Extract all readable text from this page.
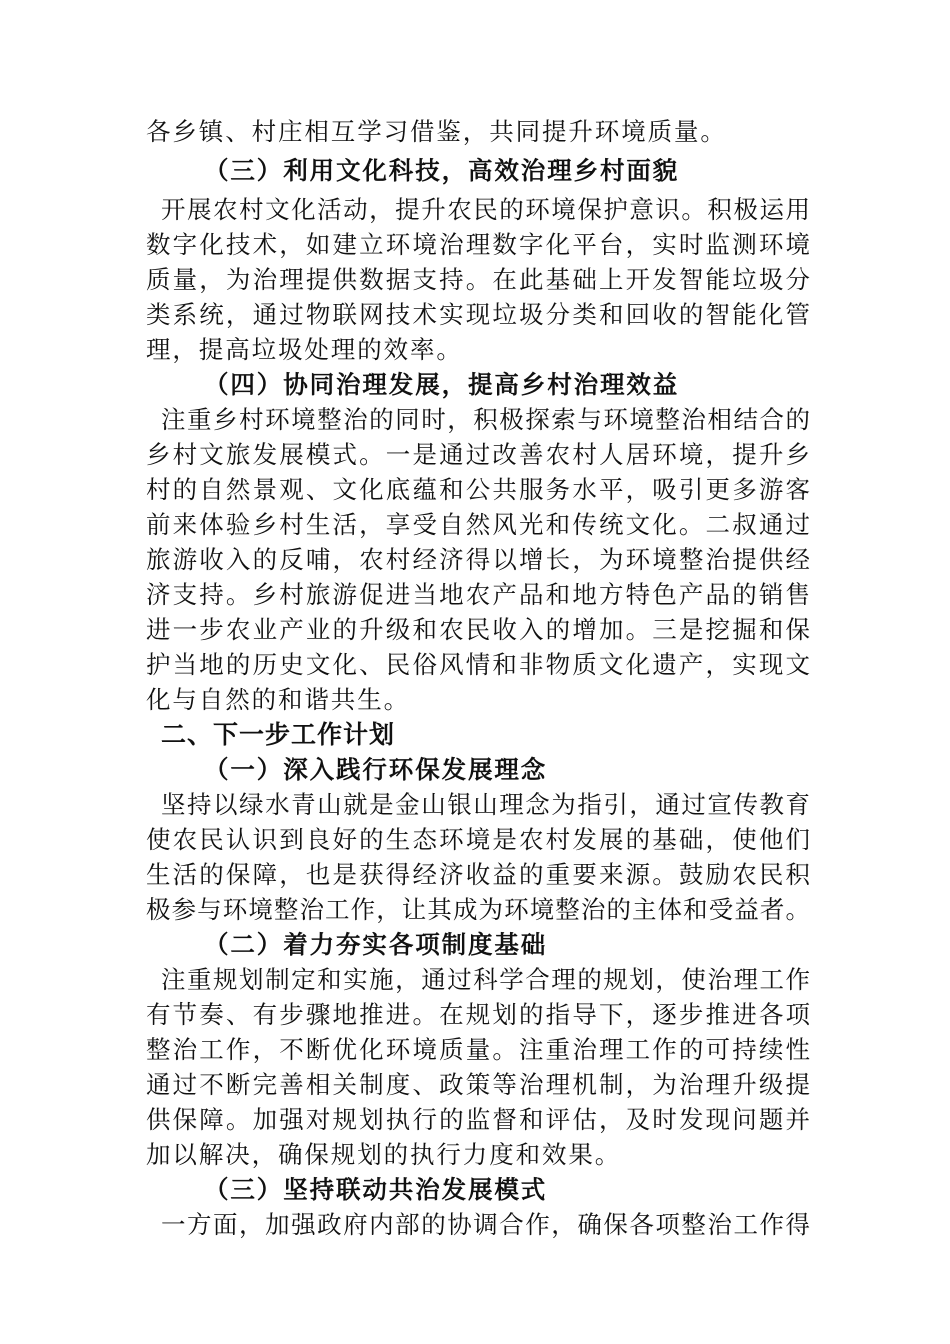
各乡镇、村庄相互学习借鉴，共同提升环境质量。
（三）利用文化科技，高效治理乡村面貌
开展农村文化活动，提升农民的环境保护意识。积极运用
数字化技术，如建立环境治理数字化平台，实时监测环境
质量，为治理提供数据支持。在此基础上开发智能垃圾分
类系统，通过物联网技术实现垃圾分类和回收的智能化管
理，提高垃圾处理的效率。
（四）协同治理发展，提高乡村治理效益
注重乡村环境整治的同时，积极探索与环境整治相结合的
乡村文旅发展模式。一是通过改善农村人居环境，提升乡
村的自然景观、文化底蕴和公共服务水平，吸引更多游客
前来体验乡村生活，享受自然风光和传统文化。二叔通过
旅游收入的反哺，农村经济得以增长，为环境整治提供经
济支持。乡村旅游促进当地农产品和地方特色产品的销售
进一步农业产业的升级和农民收入的增加。三是挖掘和保
护当地的历史文化、民俗风情和非物质文化遗产，实现文
化与自然的和谐共生。
二、下一步工作计划
（一）深入践行环保发展理念
坚持以绿水青山就是金山银山理念为指引，通过宣传教育
使农民认识到良好的生态环境是农村发展的基础，使他们
生活的保障，也是获得经济收益的重要来源。鼓励农民积
极参与环境整治工作，让其成为环境整治的主体和受益者。
（二）着力夯实各项制度基础
注重规划制定和实施，通过科学合理的规划，使治理工作
有节奏、有步骤地推进。在规划的指导下，逐步推进各项
整治工作，不断优化环境质量。注重治理工作的可持续性
通过不断完善相关制度、政策等治理机制，为治理升级提
供保障。加强对规划执行的监督和评估，及时发现问题并
加以解决，确保规划的执行力度和效果。
（三）坚持联动共治发展模式
一方面，加强政府内部的协调合作，确保各项整治工作得
